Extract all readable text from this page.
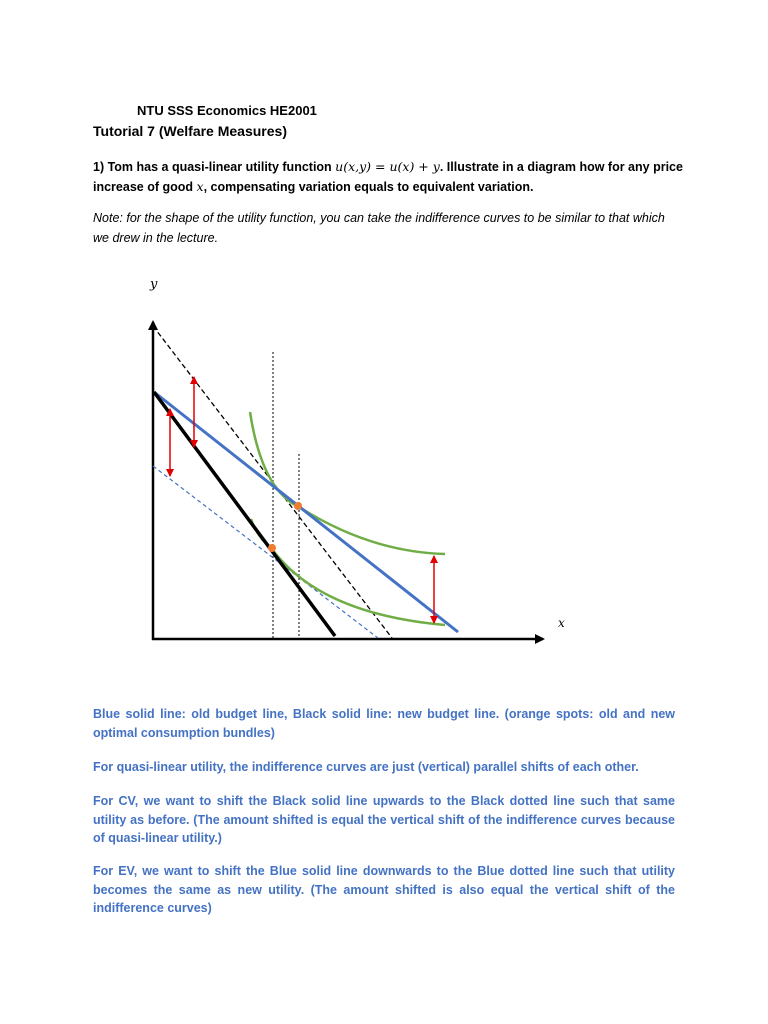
NTU SSS Economics HE2001

Tutorial 7 (Welfare Measures)

1) Tom has a quasi-linear utility function u(x,y) = u(x) + y. Illustrate in a diagram how for any price increase of good x, compensating variation equals to equivalent variation.

Note: for the shape of the utility function, you can take the indifference curves to be similar to that which we drew in the lecture.

y
x

Blue solid line: old budget line, Black solid line: new budget line. (orange spots: old and new optimal consumption bundles)

For quasi-linear utility, the indifference curves are just (vertical) parallel shifts of each other.

For CV, we want to shift the Black solid line upwards to the Black dotted line such that same utility as before. (The amount shifted is equal the vertical shift of the indifference curves because of quasi-linear utility.)

For EV, we want to shift the Blue solid line downwards to the Blue dotted line such that utility becomes the same as new utility. (The amount shifted is also equal the vertical shift of the indifference curves)
